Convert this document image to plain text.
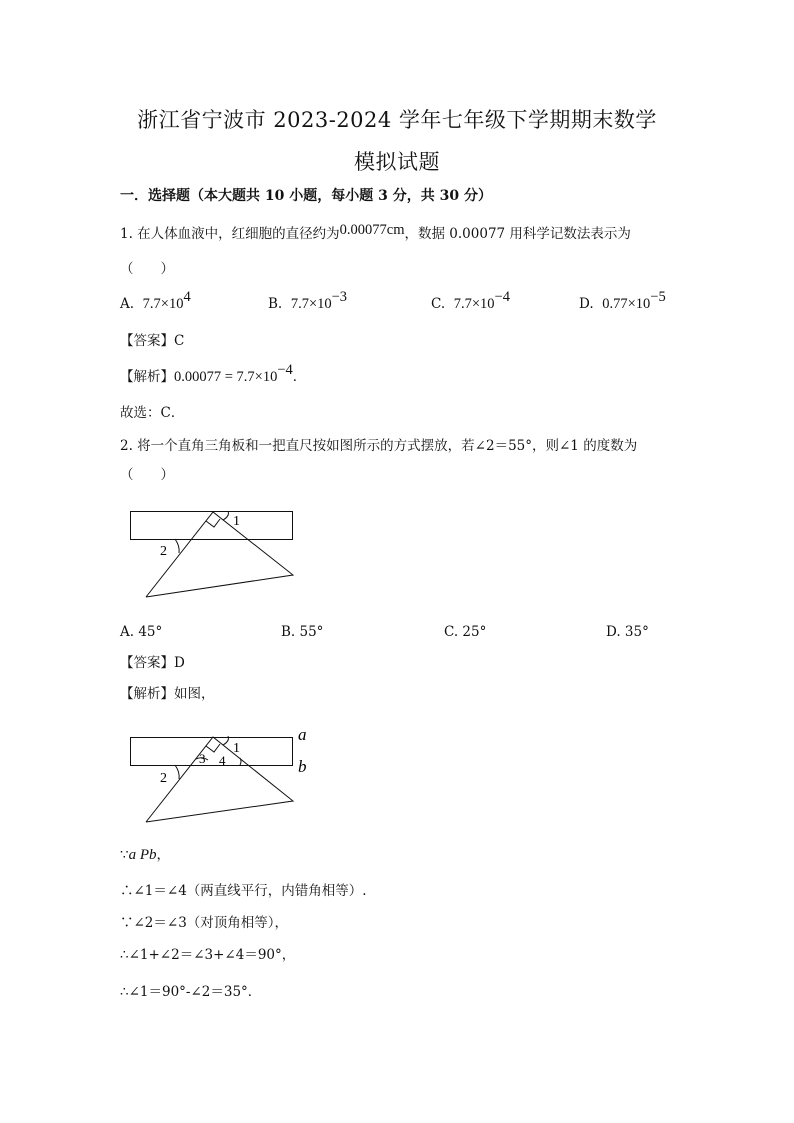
浙江省宁波市 2023-2024 学年七年级下学期期末数学
模拟试题
一．选择题（本大题共 10 小题，每小题 3 分，共 30 分）
1. 在人体血液中，红细胞的直径约为0.00077cm，数据 0.00077 用科学记数法表示为
（　　）
A. $7.7\times 10^4$	B. $7.7\times 10^{-3}$	C. $7.7\times 10^{-4}$	D. $0.77\times 10^{-5}$
【答案】C
【解析】$0.00077 = 7.7\times 10^{-4}$．
故选：C．
2. 将一个直角三角板和一把直尺按如图所示的方式摆放，若∠2＝55°，则∠1 的度数为
（　　）
1
2
A. 45°	B. 55°	C. 25°	D. 35°
【答案】D
【解析】如图，
1
2
3 4
a
b
∵a Pb，
∴∠1＝∠4（两直线平行，内错角相等）.
∵∠2＝∠3（对顶角相等），
∴∠1+∠2＝∠3+∠4＝90°，
∴∠1＝90°-∠2＝35°．
